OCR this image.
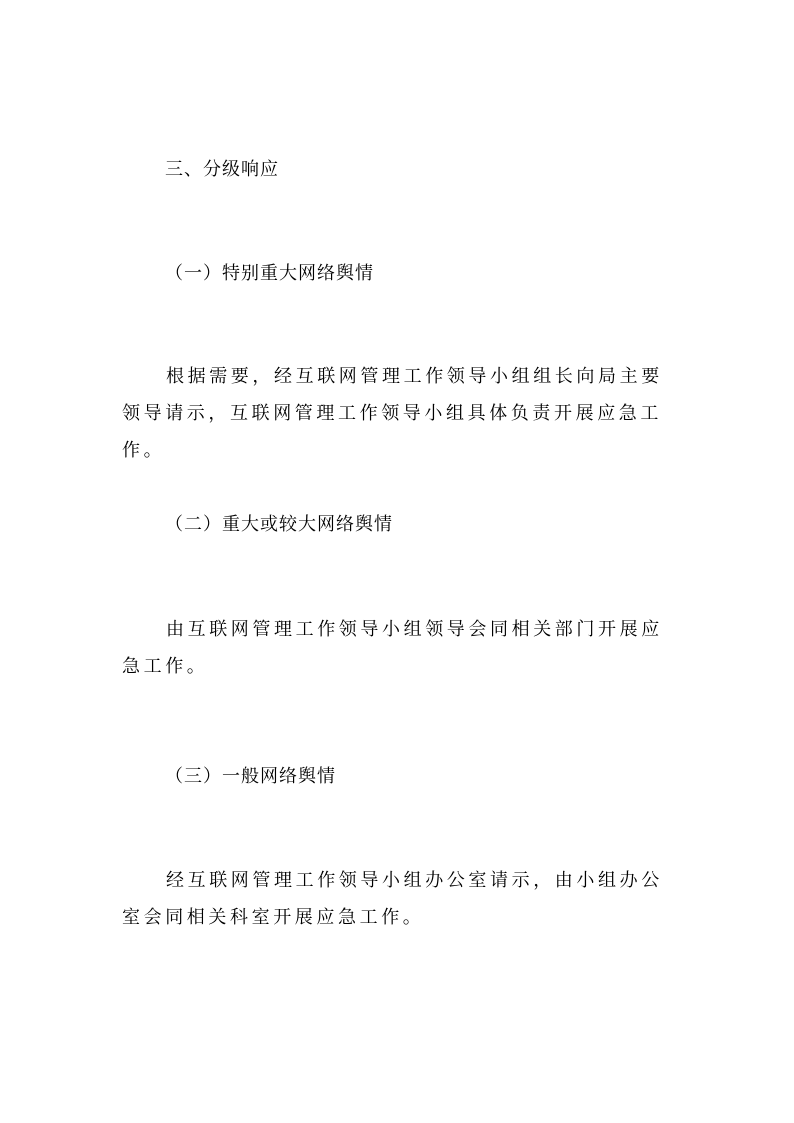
三、分级响应
（一）特别重大网络舆情

根据需要，经互联网管理工作领导小组组长向局主要领导请示，互联网管理工作领导小组具体负责开展应急工作。

（二）重大或较大网络舆情

由互联网管理工作领导小组领导会同相关部门开展应急工作。

（三）一般网络舆情

经互联网管理工作领导小组办公室请示，由小组办公室会同相关科室开展应急工作。
